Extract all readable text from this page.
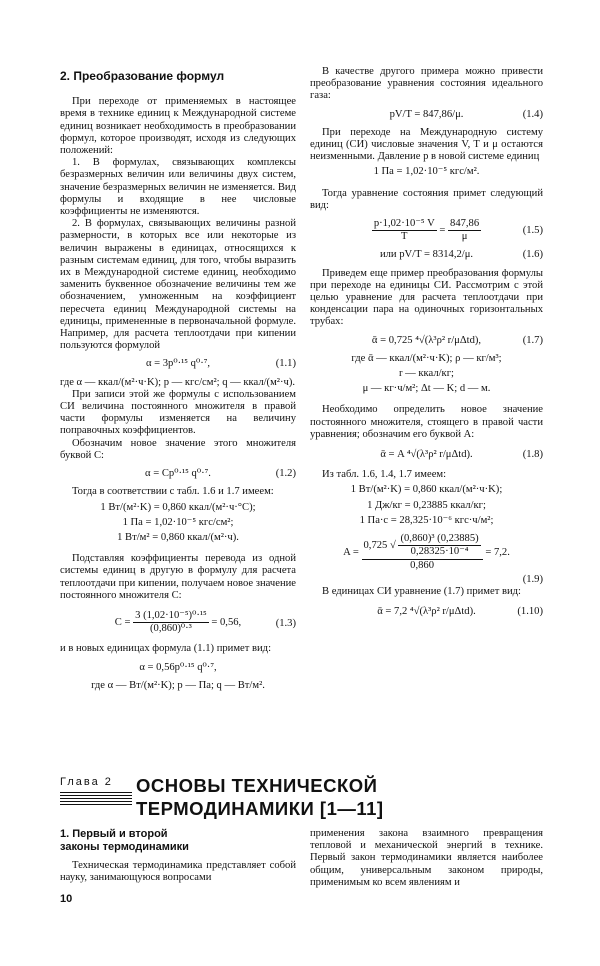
2. Преобразование формул

При переходе от применяемых в настоящее время в технике единиц к Международной системе единиц возникает необходимость в преобразовании формул, которое производят, исходя из следующих положений:

1. В формулах, связывающих комплексы безразмерных величин или величины двух систем, значение безразмерных величин не изменяется. Вид формулы и входящие в нее числовые коэффициенты не изменяются.

2. В формулах, связывающих величины разной размерности, в которых все или некоторые из величин выражены в единицах, относящихся к разным системам единиц, для того, чтобы выразить их в Международной системе единиц, необходимо заменить буквенное обозначение величины тем же обозначением, умноженным на коэффициент пересчета единиц Международной системы на единицы, примененные в первоначальной формуле. Например, для расчета теплоотдачи при кипении пользуются формулой

α = 3p⁰·¹⁵ q⁰·⁷,	(1.1)

где α — ккал/(м²·ч·K); p — кгс/см²; q — ккал/(м²·ч).

При записи этой же формулы с использованием СИ величина постоянного множителя в правой части формулы изменяется на величину поправочных коэффициентов.

Обозначим новое значение этого множителя буквой C:

α = Cp⁰·¹⁵ q⁰·⁷.	(1.2)

Тогда в соответствии с табл. 1.6 и 1.7 имеем:

1 Вт/(м²·K) = 0,860 ккал/(м²·ч·°C);
1 Па = 1,02·10⁻⁵ кгс/см²;
1 Вт/м² = 0,860 ккал/(м²·ч).

Подставляя коэффициенты перевода из одной системы единиц в другую в формулу для расчета теплоотдачи при кипении, получаем новое значение постоянного множителя C:

$C = \frac{\text{3 (1,02·10⁻⁵)⁰·¹⁵}}{\text{(0,860)⁰·³}} = 0,56$,	(1.3)

и в новых единицах формула (1.1) примет вид:

α = 0,56p⁰·¹⁵ q⁰·⁷,

где α — Вт/(м²·K); p — Па; q — Вт/м².

В качестве другого примера можно привести преобразование уравнения состояния идеального газа:

pV/T = 847,86/μ.	(1.4)

При переходе на Международную систему единиц (СИ) числовые значения V, T и μ остаются неизменными. Давление p в новой системе единиц

1 Па = 1,02·10⁻⁵ кгс/м².

Тогда уравнение состояния примет следующий вид:

$\frac{\text{p·1,02·10⁻⁵ V}}{T} = \frac{847,86}{\mu}$	(1.5)
или pV/T = 8314,2/μ.	(1.6)

Приведем еще пример преобразования формулы при переходе на единицы СИ. Рассмотрим с этой целью уравнение для расчета теплоотдачи при конденсации пара на одиночных горизонтальных трубах:

ᾱ = 0,725 ⁴√(λ³ρ² r/μΔtd),	(1.7)
где ᾱ — ккал/(м²·ч·K); ρ — кг/м³;
r — ккал/кг;
μ — кг·ч/м²; Δt — K; d — м.

Необходимо определить новое значение постоянного множителя, стоящего в правой части уравнения; обозначим его буквой A:

ᾱ = A ⁴√(λ³ρ² r/μΔtd).	(1.8)

Из табл. 1.6, 1.4, 1.7 имеем:

1 Вт/(м²·K) = 0,860 ккал/(м²·ч·K);
1 Дж/кг = 0,23885 ккал/кг;
1 Па·с = 28,325·10⁻⁶ кгс·ч/м²;
A =
0,725 √ $\frac{\text{(0,860)³ (0,23885)}}{\text{0,28325·10⁻⁴}}$
0,860
= 7,2.
(1.9)

В единицах СИ уравнение (1.7) примет вид:

ᾱ = 7,2 ⁴√(λ³ρ² r/μΔtd).	(1.10)
Глава 2 ОСНОВЫ ТЕХНИЧЕСКОЙ
ТЕРМОДИНАМИКИ [1—11]
1. Первый и второй
законы термодинамики

Техническая термодинамика представляет собой науку, занимающуюся вопросами

применения закона взаимного превращения тепловой и механической энергий в технике. Первый закон термодинамики является наиболее общим, универсальным законом природы, применимым ко всем явлениям и

10
